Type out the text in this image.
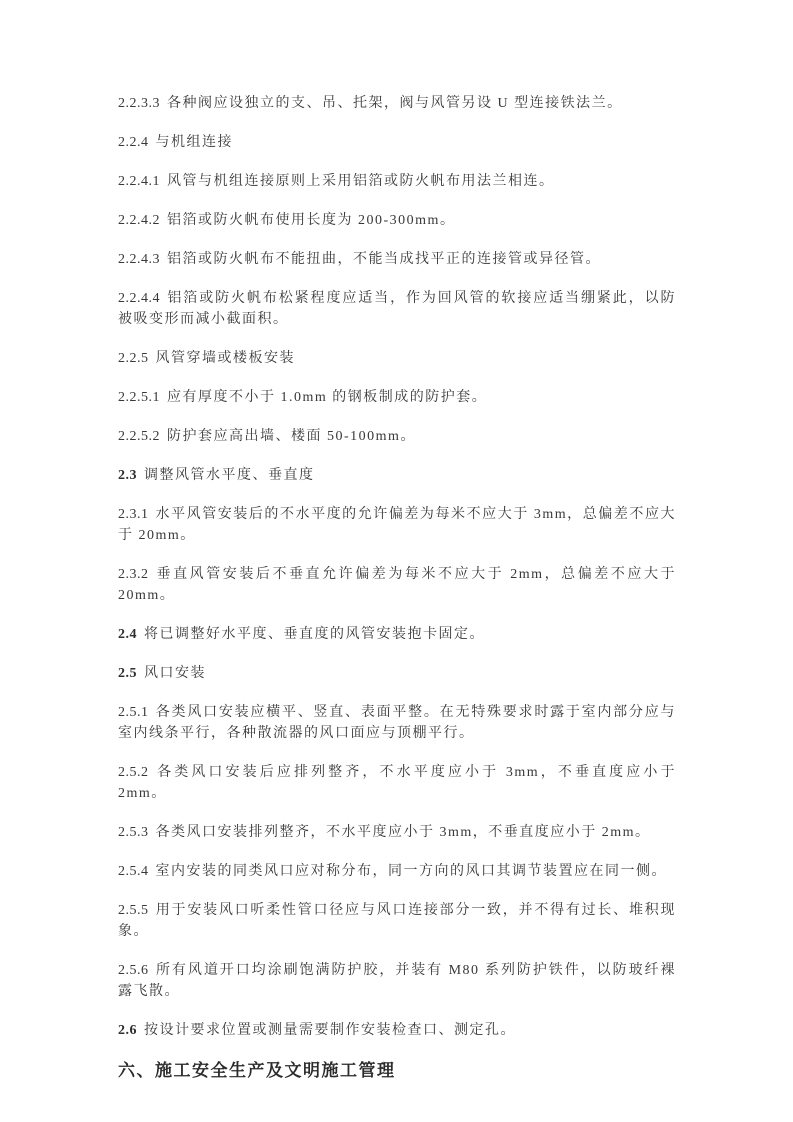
2.2.3.3 各种阀应设独立的支、吊、托架，阀与风管另设 U 型连接铁法兰。

2.2.4 与机组连接

2.2.4.1 风管与机组连接原则上采用铝箔或防火帆布用法兰相连。

2.2.4.2 铝箔或防火帆布使用长度为 200-300mm。

2.2.4.3 铝箔或防火帆布不能扭曲，不能当成找平正的连接管或异径管。

2.2.4.4 铝箔或防火帆布松紧程度应适当，作为回风管的软接应适当绷紧此，以防被吸变形而减小截面积。

2.2.5 风管穿墙或楼板安装

2.2.5.1 应有厚度不小于 1.0mm 的钢板制成的防护套。

2.2.5.2 防护套应高出墙、楼面 50-100mm。

2.3 调整风管水平度、垂直度

2.3.1 水平风管安装后的不水平度的允许偏差为每米不应大于 3mm，总偏差不应大于 20mm。

2.3.2 垂直风管安装后不垂直允许偏差为每米不应大于 2mm，总偏差不应大于 20mm。

2.4 将已调整好水平度、垂直度的风管安装抱卡固定。

2.5 风口安装

2.5.1 各类风口安装应横平、竖直、表面平整。在无特殊要求时露于室内部分应与室内线条平行，各种散流器的风口面应与顶棚平行。

2.5.2 各类风口安装后应排列整齐，不水平度应小于 3mm，不垂直度应小于 2mm。

2.5.3 各类风口安装排列整齐，不水平度应小于 3mm，不垂直度应小于 2mm。

2.5.4 室内安装的同类风口应对称分布，同一方向的风口其调节装置应在同一侧。

2.5.5 用于安装风口听柔性管口径应与风口连接部分一致，并不得有过长、堆积现象。

2.5.6 所有风道开口均涂刷饱满防护胶，并装有 M80 系列防护铁件，以防玻纤裸露飞散。

2.6 按设计要求位置或测量需要制作安装检查口、测定孔。

六、施工安全生产及文明施工管理
